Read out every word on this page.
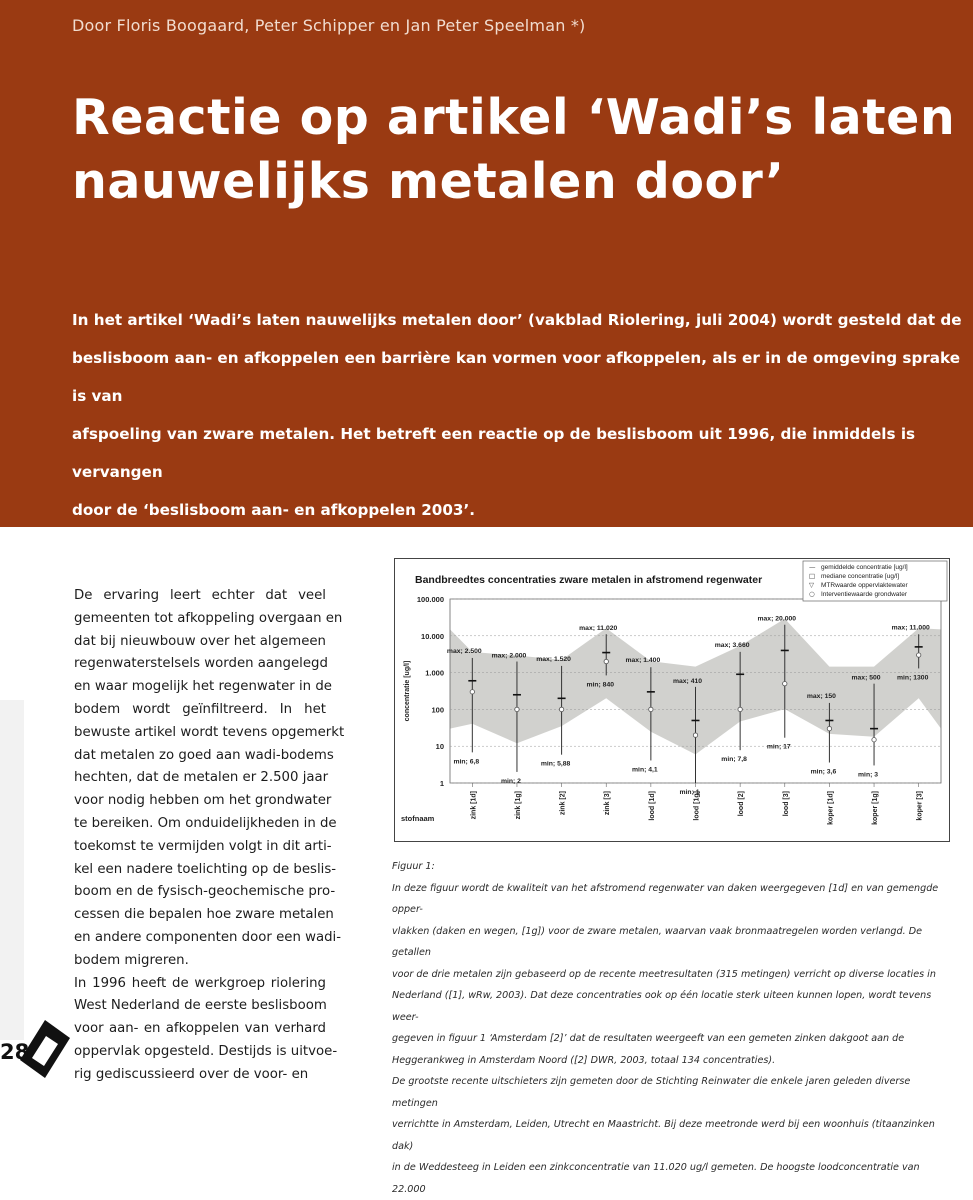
Door Floris Boogaard, Peter Schipper en Jan Peter Speelman *)
Reactie op artikel ‘Wadi’s laten
nauwelijks metalen door’

In het artikel ‘Wadi’s laten nauwelijks metalen door’ (vakblad Riolering, juli 2004) wordt gesteld dat de

beslisboom aan- en afkoppelen een barrière kan vormen voor afkoppelen, als er in de omgeving sprake is van

afspoeling van zware metalen. Het betreft een reactie op de beslisboom uit 1996, die inmiddels is vervangen

door de ‘beslisboom aan- en afkoppelen 2003’.

De ervaring leert echter dat veel
gemeenten tot afkoppeling overgaan en
dat bij nieuwbouw over het algemeen
regenwaterstelsels worden aangelegd
en waar mogelijk het regenwater in de
bodem wordt geïnfiltreerd. In het
bewuste artikel wordt tevens opgemerkt
dat metalen zo goed aan wadi-bodems
hechten, dat de metalen er 2.500 jaar
voor nodig hebben om het grondwater
te bereiken. Om onduidelijkheden in de
toekomst te vermijden volgt in dit arti-
kel een nadere toelichting op de beslis-
boom en de fysisch-geochemische pro-
cessen die bepalen hoe zware metalen
en andere componenten door een wadi-
bodem migreren.
In 1996 heeft de werkgroep riolering
West Nederland de eerste beslisboom
voor aan- en afkoppelen van verhard
oppervlak opgesteld. Destijds is uitvoe-
rig gediscussieerd over de voor- en
Bandbreedtes concentraties zware metalen in afstromend regenwater
1
10
100
1.000
10.000
100.000
concentratie [ug/l]
max; 2.500
min; 6,8
zink [1d]
max; 2.000
min; 2
zink [1g]
max; 1.520
min; 5,88
zink [2]
max; 11.020
min; 840
zink [3]
max; 1.400
min; 4,1
lood [1d]
max; 410
min; 1
lood [1g]
max; 3.660
min; 7,8
lood [2]
max; 20.000
min; 17
lood [3]
max; 150
min; 3,6
koper [1d]
max; 500
min; 3
koper [1g]
max; 11.000
min; 1300
koper [3]
stofnaam
— gemiddelde concentratie [ug/l]
□ mediane concentratie [ug/l]
▽ MTRwaarde oppervlaktewater
○ Interventiewaarde grondwater

Figuur 1:

In deze figuur wordt de kwaliteit van het afstromend regenwater van daken weergegeven [1d] en van gemengde opper-

vlakken (daken en wegen, [1g]) voor de zware metalen, waarvan vaak bronmaatregelen worden verlangd. De getallen

voor de drie metalen zijn gebaseerd op de recente meetresultaten (315 metingen) verricht op diverse locaties in

Nederland ([1], wRw, 2003). Dat deze concentraties ook op één locatie sterk uiteen kunnen lopen, wordt tevens weer-

gegeven in figuur 1 ‘Amsterdam [2]’ dat de resultaten weergeeft van een gemeten zinken dakgoot aan de

Heggerankweg in Amsterdam Noord ([2] DWR, 2003, totaal 134 concentraties).

De grootste recente uitschieters zijn gemeten door de Stichting Reinwater die enkele jaren geleden diverse metingen

verrichtte in Amsterdam, Leiden, Utrecht en Maastricht. Bij deze meetronde werd bij een woonhuis (titaanzinken dak)

in de Weddesteeg in Leiden een zinkconcentratie van 11.020 ug/l gemeten. De hoogste loodconcentratie van 22.000

28
